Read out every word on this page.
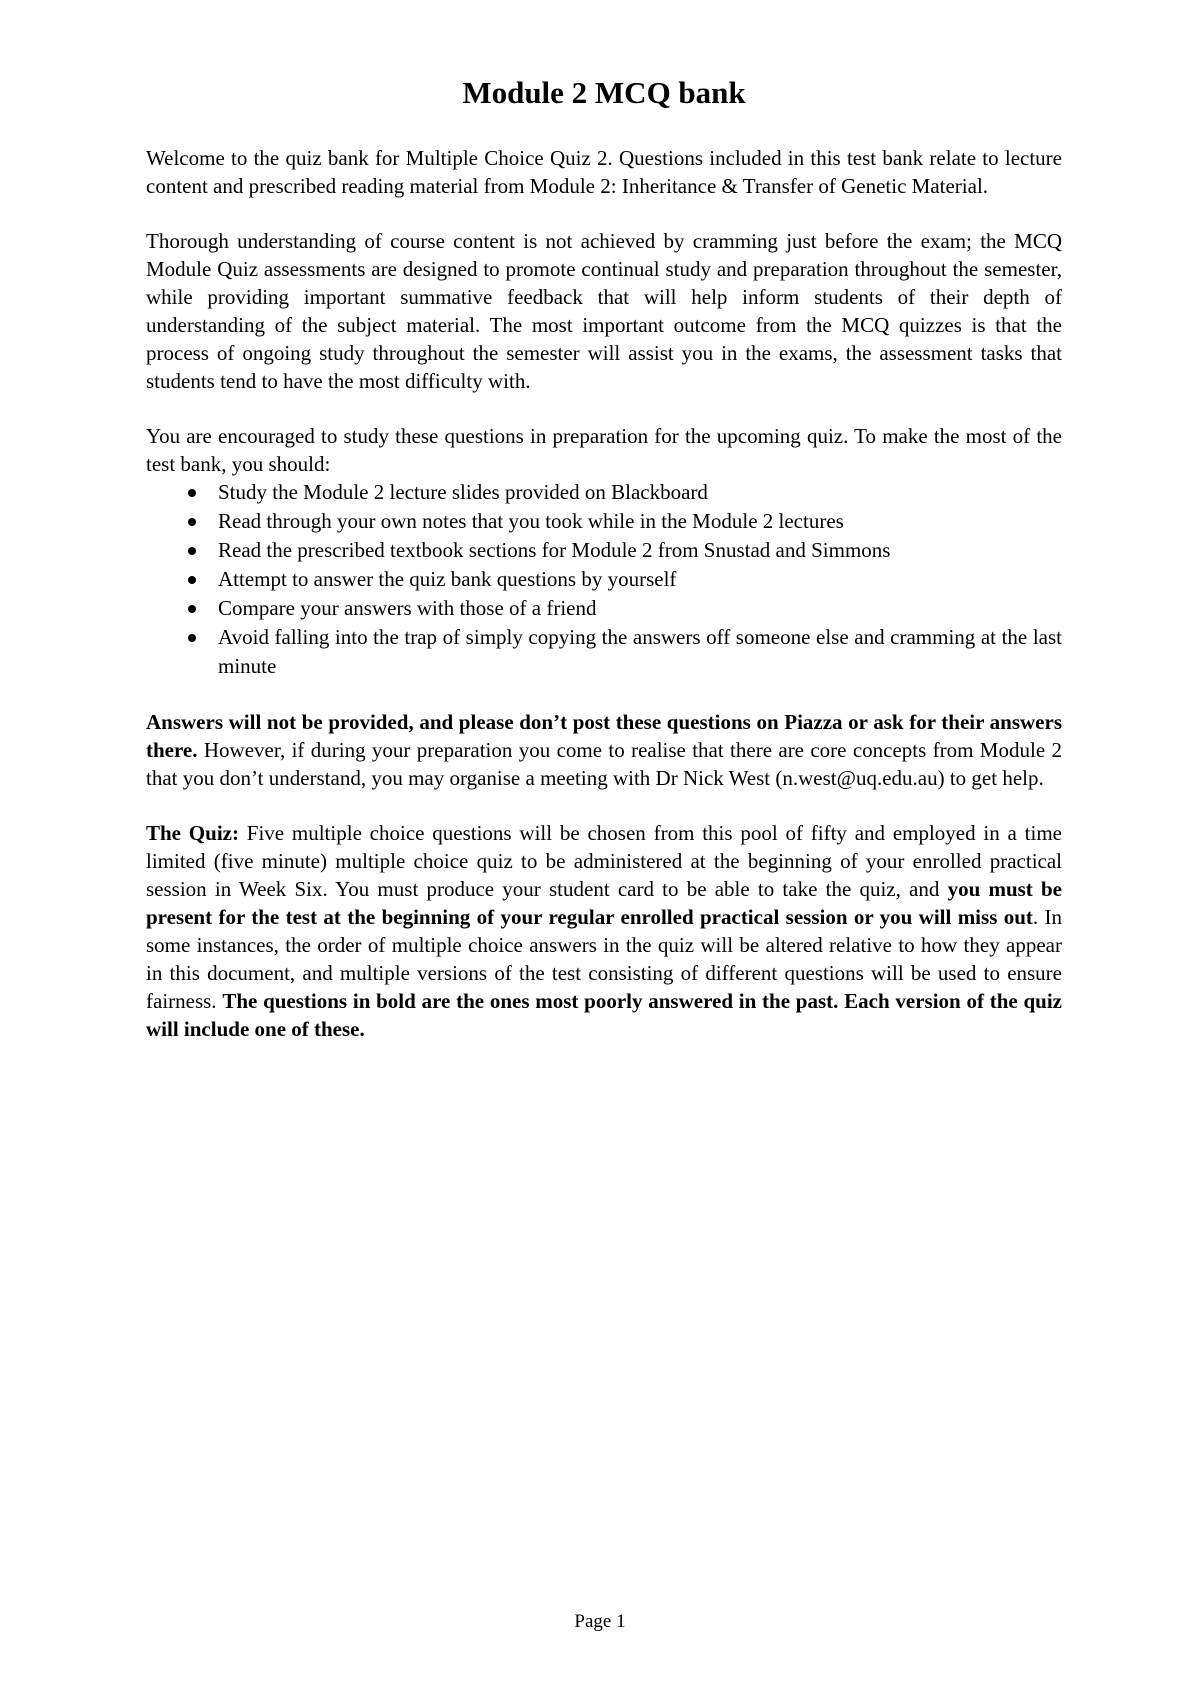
Module 2 MCQ bank

Welcome to the quiz bank for Multiple Choice Quiz 2. Questions included in this test bank relate to lecture content and prescribed reading material from Module 2: Inheritance & Transfer of Genetic Material.

Thorough understanding of course content is not achieved by cramming just before the exam; the MCQ Module Quiz assessments are designed to promote continual study and preparation throughout the semester, while providing important summative feedback that will help inform students of their depth of understanding of the subject material. The most important outcome from the MCQ quizzes is that the process of ongoing study throughout the semester will assist you in the exams, the assessment tasks that students tend to have the most difficulty with.

You are encouraged to study these questions in preparation for the upcoming quiz. To make the most of the test bank, you should:

Study the Module 2 lecture slides provided on Blackboard
Read through your own notes that you took while in the Module 2 lectures
Read the prescribed textbook sections for Module 2 from Snustad and Simmons
Attempt to answer the quiz bank questions by yourself
Compare your answers with those of a friend
Avoid falling into the trap of simply copying the answers off someone else and cramming at the last minute

Answers will not be provided, and please don’t post these questions on Piazza or ask for their answers there. However, if during your preparation you come to realise that there are core concepts from Module 2 that you don’t understand, you may organise a meeting with Dr Nick West (n.west@uq.edu.au) to get help.

The Quiz: Five multiple choice questions will be chosen from this pool of fifty and employed in a time limited (five minute) multiple choice quiz to be administered at the beginning of your enrolled practical session in Week Six. You must produce your student card to be able to take the quiz, and you must be present for the test at the beginning of your regular enrolled practical session or you will miss out. In some instances, the order of multiple choice answers in the quiz will be altered relative to how they appear in this document, and multiple versions of the test consisting of different questions will be used to ensure fairness. The questions in bold are the ones most poorly answered in the past. Each version of the quiz will include one of these.

Page 1
